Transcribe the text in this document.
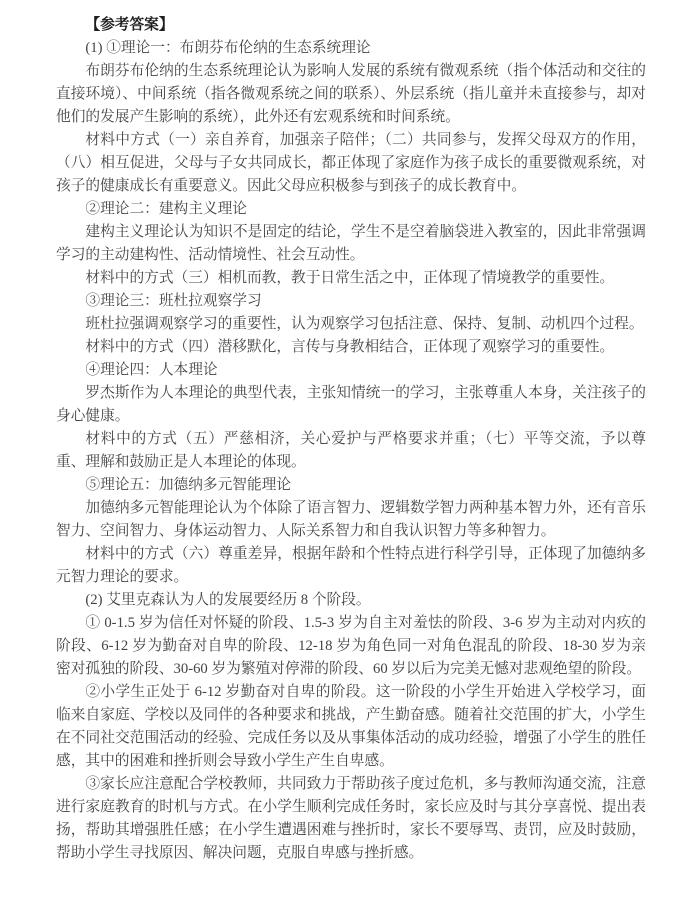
【参考答案】

(1) ①理论一：布朗芬布伦纳的生态系统理论

布朗芬布伦纳的生态系统理论认为影响人发展的系统有微观系统（指个体活动和交往的直接环境）、中间系统（指各微观系统之间的联系）、外层系统（指儿童并未直接参与，却对他们的发展产生影响的系统），此外还有宏观系统和时间系统。

材料中方式（一）亲自养育，加强亲子陪伴；（二）共同参与，发挥父母双方的作用，（八）相互促进，父母与子女共同成长，都正体现了家庭作为孩子成长的重要微观系统，对孩子的健康成长有重要意义。因此父母应积极参与到孩子的成长教育中。

②理论二：建构主义理论

建构主义理论认为知识不是固定的结论，学生不是空着脑袋进入教室的，因此非常强调学习的主动建构性、活动情境性、社会互动性。

材料中的方式（三）相机而教，教于日常生活之中，正体现了情境教学的重要性。

③理论三：班杜拉观察学习

班杜拉强调观察学习的重要性，认为观察学习包括注意、保持、复制、动机四个过程。

材料中的方式（四）潜移默化，言传与身教相结合，正体现了观察学习的重要性。

④理论四：人本理论

罗杰斯作为人本理论的典型代表，主张知情统一的学习，主张尊重人本身，关注孩子的身心健康。

材料中的方式（五）严慈相济，关心爱护与严格要求并重；（七）平等交流，予以尊重、理解和鼓励正是人本理论的体现。

⑤理论五：加德纳多元智能理论

加德纳多元智能理论认为个体除了语言智力、逻辑数学智力两种基本智力外，还有音乐智力、空间智力、身体运动智力、人际关系智力和自我认识智力等多种智力。

材料中的方式（六）尊重差异，根据年龄和个性特点进行科学引导，正体现了加德纳多元智力理论的要求。

(2) 艾里克森认为人的发展要经历 8 个阶段。

① 0-1.5 岁为信任对怀疑的阶段、1.5-3 岁为自主对羞怯的阶段、3-6 岁为主动对内疚的阶段、6-12 岁为勤奋对自卑的阶段、12-18 岁为角色同一对角色混乱的阶段、18-30 岁为亲密对孤独的阶段、30-60 岁为繁殖对停滞的阶段、60 岁以后为完美无憾对悲观绝望的阶段。

②小学生正处于 6-12 岁勤奋对自卑的阶段。这一阶段的小学生开始进入学校学习，面临来自家庭、学校以及同伴的各种要求和挑战，产生勤奋感。随着社交范围的扩大，小学生在不同社交范围活动的经验、完成任务以及从事集体活动的成功经验，增强了小学生的胜任感，其中的困难和挫折则会导致小学生产生自卑感。

③家长应注意配合学校教师，共同致力于帮助孩子度过危机，多与教师沟通交流，注意进行家庭教育的时机与方式。在小学生顺利完成任务时，家长应及时与其分享喜悦、提出表扬，帮助其增强胜任感；在小学生遭遇困难与挫折时，家长不要辱骂、责罚，应及时鼓励，帮助小学生寻找原因、解决问题，克服自卑感与挫折感。
